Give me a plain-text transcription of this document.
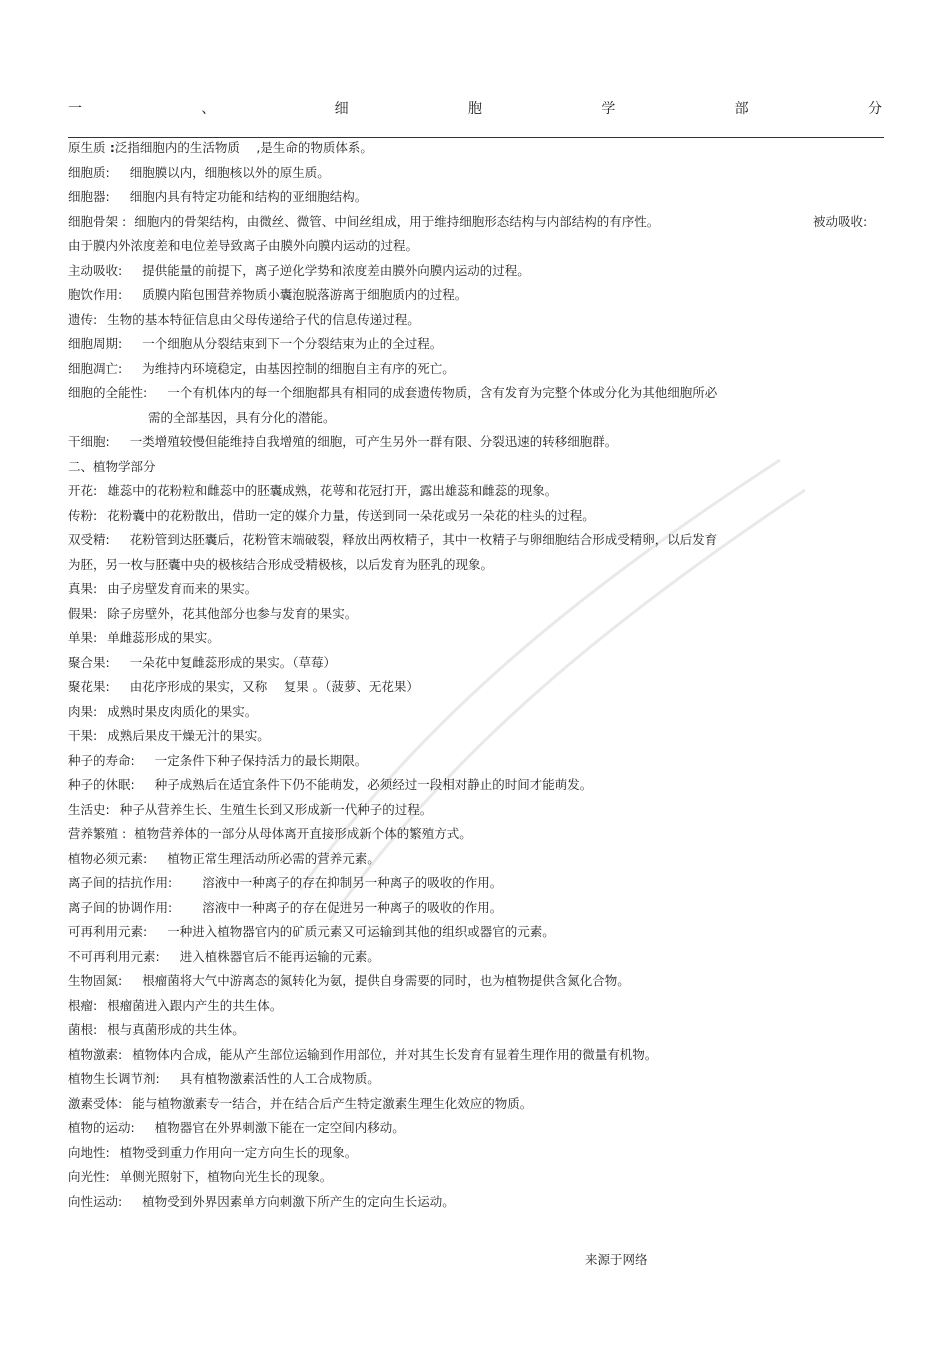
一	、	细	胞	学	部	分
原生质 :泛指细胞内的生活物质　 ,是生命的物质体系。
细胞质: 细胞膜以内，细胞核以外的原生质。
细胞器: 细胞内具有特定功能和结构的亚细胞结构。
细胞骨架 : 细胞内的骨架结构，由微丝、微管、中间丝组成，用于维持细胞形态结构与内部结构的有序性。	被动吸收:
由于膜内外浓度差和电位差导致离子由膜外向膜内运动的过程。
主动吸收: 提供能量的前提下，离子逆化学势和浓度差由膜外向膜内运动的过程。
胞饮作用: 质膜内陷包围营养物质小囊泡脱落游离于细胞质内的过程。
遗传: 生物的基本特征信息由父母传递给子代的信息传递过程。
细胞周期: 一个细胞从分裂结束到下一个分裂结束为止的全过程。
细胞凋亡: 为维持内环境稳定，由基因控制的细胞自主有序的死亡。
细胞的全能性: 一个有机体内的每一个细胞都具有相同的成套遗传物质，含有发育为完整个体或分化为其他细胞所必
需的全部基因，具有分化的潜能。
干细胞: 一类增殖较慢但能维持自我增殖的细胞，可产生另外一群有限、分裂迅速的转移细胞群。
二、植物学部分
开花: 雄蕊中的花粉粒和雌蕊中的胚囊成熟，花萼和花冠打开，露出雄蕊和雌蕊的现象。
传粉: 花粉囊中的花粉散出，借助一定的媒介力量，传送到同一朵花或另一朵花的柱头的过程。
双受精: 花粉管到达胚囊后，花粉管末端破裂，释放出两枚精子，其中一枚精子与卵细胞结合形成受精卵，以后发育
为胚，另一枚与胚囊中央的极核结合形成受精极核，以后发育为胚乳的现象。
真果: 由子房壁发育而来的果实。
假果: 除子房壁外，花其他部分也参与发育的果实。
单果: 单雌蕊形成的果实。
聚合果: 一朵花中复雌蕊形成的果实。（草莓）
聚花果: 由花序形成的果实，又称　 复果 。（菠萝、无花果）
肉果: 成熟时果皮肉质化的果实。
干果: 成熟后果皮干燥无汁的果实。
种子的寿命: 一定条件下种子保持活力的最长期限。
种子的休眠: 种子成熟后在适宜条件下仍不能萌发，必须经过一段相对静止的时间才能萌发。
生活史: 种子从营养生长、生殖生长到又形成新一代种子的过程。
营养繁殖 : 植物营养体的一部分从母体离开直接形成新个体的繁殖方式。
植物必须元素: 植物正常生理活动所必需的营养元素。
离子间的拮抗作用: 溶液中一种离子的存在抑制另一种离子的吸收的作用。
离子间的协调作用: 溶液中一种离子的存在促进另一种离子的吸收的作用。
可再利用元素: 一种进入植物器官内的矿质元素又可运输到其他的组织或器官的元素。
不可再利用元素: 进入植株器官后不能再运输的元素。
生物固氮: 根瘤菌将大气中游离态的氮转化为氨，提供自身需要的同时，也为植物提供含氮化合物。
根瘤: 根瘤菌进入跟内产生的共生体。
菌根: 根与真菌形成的共生体。
植物激素: 植物体内合成，能从产生部位运输到作用部位，并对其生长发育有显着生理作用的微量有机物。
植物生长调节剂: 具有植物激素活性的人工合成物质。
激素受体: 能与植物激素专一结合，并在结合后产生特定激素生理生化效应的物质。
植物的运动: 植物器官在外界刺激下能在一定空间内移动。
向地性: 植物受到重力作用向一定方向生长的现象。
向光性: 单侧光照射下，植物向光生长的现象。
向性运动: 植物受到外界因素单方向刺激下所产生的定向生长运动。
来源于网络
